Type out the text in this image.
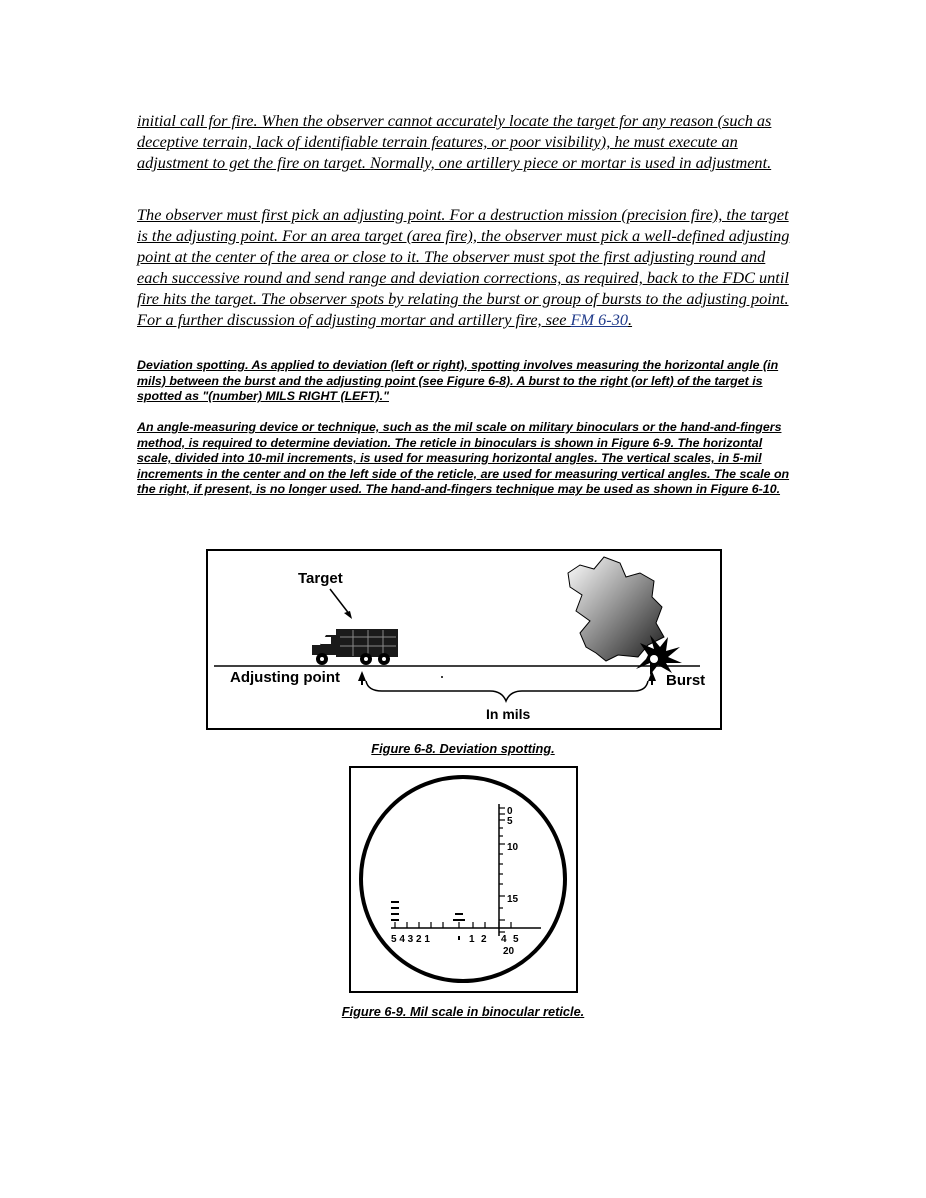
initial call for fire. When the observer cannot accurately locate the target for any reason (such as deceptive terrain, lack of identifiable terrain features, or poor visibility), he must execute an adjustment to get the fire on target. Normally, one artillery piece or mortar is used in adjustment.

The observer must first pick an adjusting point. For a destruction mission (precision fire), the target is the adjusting point. For an area target (area fire), the observer must pick a well-defined adjusting point at the center of the area or close to it. The observer must spot the first adjusting round and each successive round and send range and deviation corrections, as required, back to the FDC until fire hits the target. The observer spots by relating the burst or group of bursts to the adjusting point. For a further discussion of adjusting mortar and artillery fire, see FM 6-30.

Deviation spotting. As applied to deviation (left or right), spotting involves measuring the horizontal angle (in mils) between the burst and the adjusting point (see Figure 6-8). A burst to the right (or left) of the target is spotted as "(number) MILS RIGHT (LEFT)."

An angle-measuring device or technique, such as the mil scale on military binoculars or the hand-and-fingers method, is required to determine deviation. The reticle in binoculars is shown in Figure 6-9. The horizontal scale, divided into 10-mil increments, is used for measuring horizontal angles. The vertical scales, in 5-mil increments in the center and on the left side of the reticle, are used for measuring vertical angles. The scale on the right, if present, is no longer used. The hand-and-fingers technique may be used as shown in Figure 6-10.

Target
Adjusting point	Burst
In mils

Figure 6-8. Deviation spotting.

0
5
10
15
20
5 4 3 2 1	1 2 4 5

Figure 6-9. Mil scale in binocular reticle.
